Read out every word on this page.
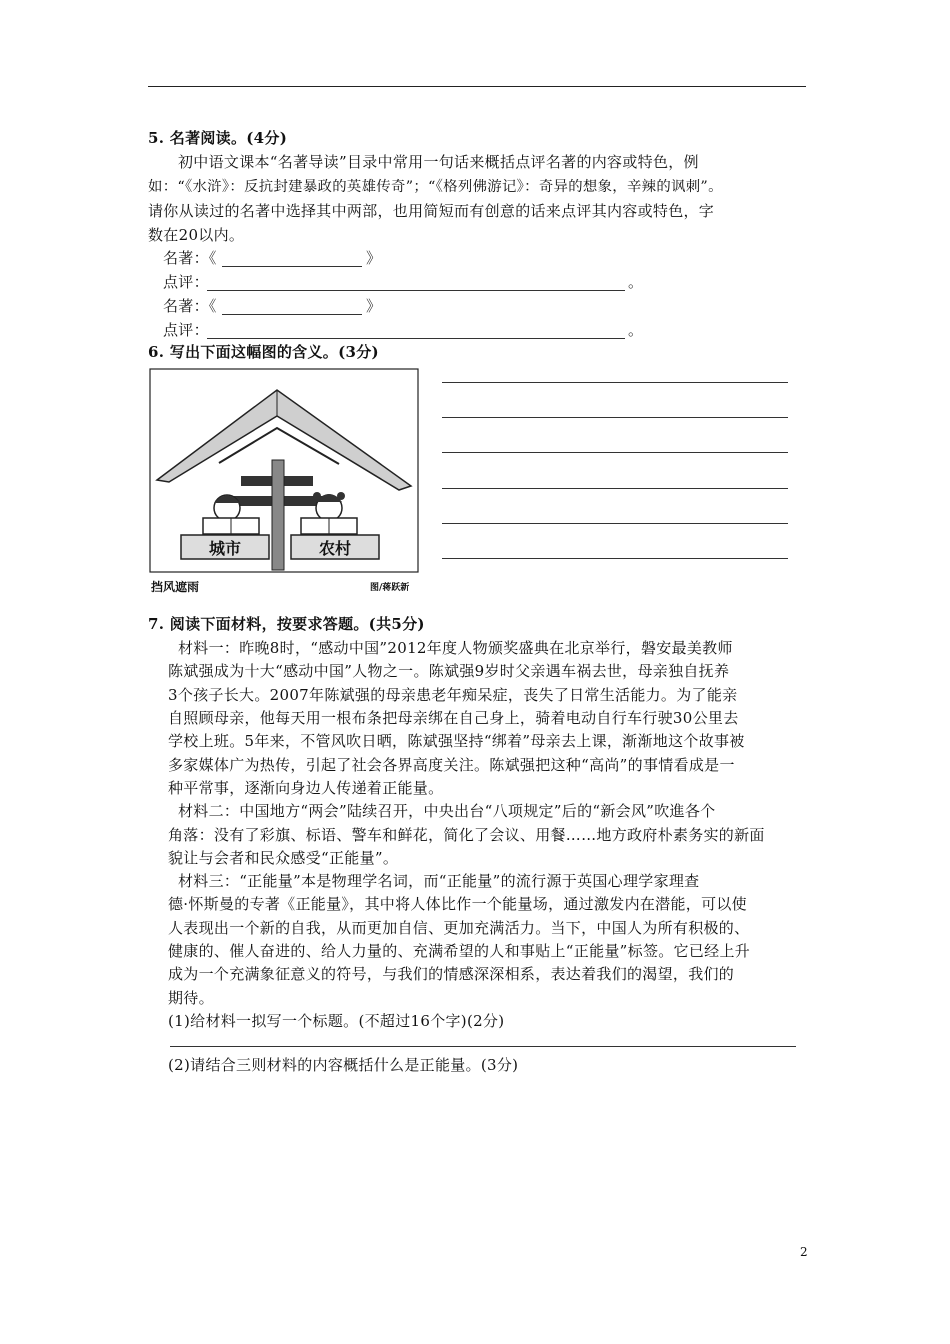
5. 名著阅读。(4分)
初中语文课本“名著导读”目录中常用一句话来概括点评名著的内容或特色，例
如：“《水浒》：反抗封建暴政的英雄传奇”；“《格列佛游记》：奇异的想象，辛辣的讽刺”。
请你从读过的名著中选择其中两部，也用简短而有创意的话来点评其内容或特色，字
数在20以内。
名著：《	》
点评：	。
名著：《	》
点评：	。
6. 写出下面这幅图的含义。(3分)
城市	农村
挡风遮雨	图/蒋跃新
7. 阅读下面材料，按要求答题。(共5分)
材料一：昨晚8时，“感动中国”2012年度人物颁奖盛典在北京举行，磐安最美教师
陈斌强成为十大“感动中国”人物之一。陈斌强9岁时父亲遇车祸去世，母亲独自抚养
3个孩子长大。2007年陈斌强的母亲患老年痴呆症，丧失了日常生活能力。为了能亲
自照顾母亲，他每天用一根布条把母亲绑在自己身上，骑着电动自行车行驶30公里去
学校上班。5年来，不管风吹日晒，陈斌强坚持“绑着”母亲去上课，渐渐地这个故事被
多家媒体广为热传，引起了社会各界高度关注。陈斌强把这种“高尚”的事情看成是一
种平常事，逐渐向身边人传递着正能量。
材料二：中国地方“两会”陆续召开，中央出台“八项规定”后的“新会风”吹進各个
角落：没有了彩旗、标语、警车和鲜花，简化了会议、用餐……地方政府朴素务实的新面
貌让与会者和民众感受“正能量”。
材料三：“正能量”本是物理学名词，而“正能量”的流行源于英国心理学家理查
德·怀斯曼的专著《正能量》，其中将人体比作一个能量场，通过激发内在潜能，可以使
人表现出一个新的自我，从而更加自信、更加充满活力。当下，中国人为所有积极的、
健康的、催人奋进的、给人力量的、充满希望的人和事贴上“正能量”标签。它已经上升
成为一个充满象征意义的符号，与我们的情感深深相系，表达着我们的渴望，我们的
期待。
(1)给材料一拟写一个标题。(不超过16个字)(2分)
(2)请结合三则材料的内容概括什么是正能量。(3分)
2
